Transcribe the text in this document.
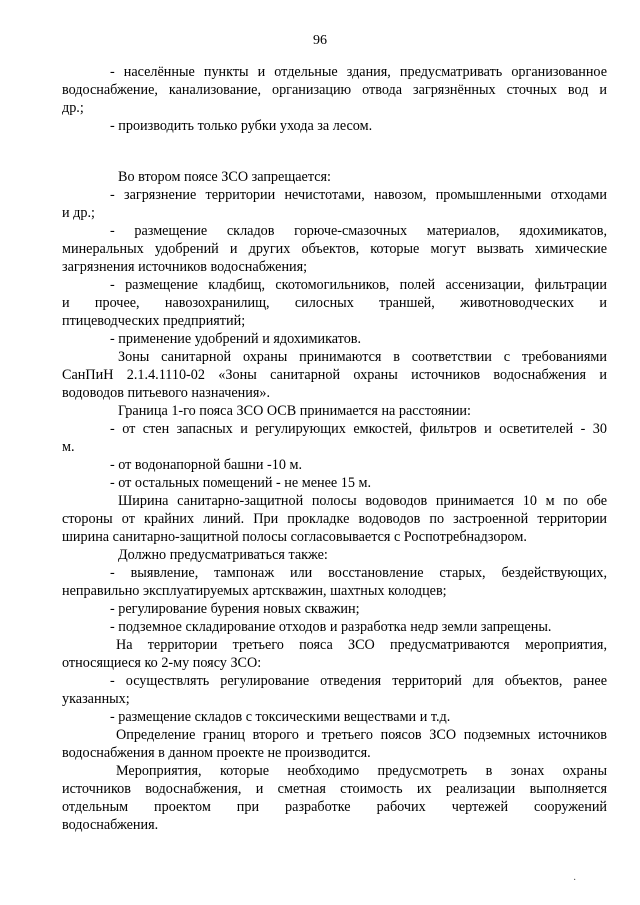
96
- населённые пункты и отдельные здания, предусматривать организованное
водоснабжение, канализование, организацию отвода загрязнённых сточных вод и
др.;
- производить только рубки ухода за лесом.
Во втором поясе ЗСО запрещается:
- загрязнение территории нечистотами, навозом, промышленными отходами
и др.;
- размещение складов горюче-смазочных материалов, ядохимикатов,
минеральных удобрений и других объектов, которые могут вызвать химические
загрязнения источников водоснабжения;
- размещение кладбищ, скотомогильников, полей ассенизации, фильтрации
и прочее, навозохранилищ, силосных траншей, животноводческих и
птицеводческих предприятий;
- применение удобрений и ядохимикатов.
Зоны санитарной охраны принимаются в соответствии с требованиями
СанПиН 2.1.4.1110-02 «Зоны санитарной охраны источников водоснабжения и
водоводов питьевого назначения».
Граница 1-го пояса ЗСО ОСВ принимается на расстоянии:
- от стен запасных и регулирующих емкостей, фильтров и осветителей - 30
м.
- от водонапорной башни -10 м.
- от остальных помещений - не менее 15 м.
Ширина санитарно-защитной полосы водоводов принимается 10 м по обе
стороны от крайних линий. При прокладке водоводов по застроенной территории
ширина санитарно-защитной полосы согласовывается с Роспотребнадзором.
Должно предусматриваться также:
- выявление, тампонаж или восстановление старых, бездействующих,
неправильно эксплуатируемых артскважин, шахтных колодцев;
- регулирование бурения новых скважин;
- подземное складирование отходов и разработка недр земли запрещены.
На территории третьего пояса ЗСО предусматриваются мероприятия,
относящиеся ко 2-му поясу ЗСО:
- осуществлять регулирование отведения территорий для объектов, ранее
указанных;
- размещение складов с токсическими веществами и т.д.
Определение границ второго и третьего поясов ЗСО подземных источников
водоснабжения в данном проекте не производится.
Мероприятия, которые необходимо предусмотреть в зонах охраны
источников водоснабжения, и сметная стоимость их реализации выполняется
отдельным проектом при разработке рабочих чертежей сооружений
водоснабжения.
·
